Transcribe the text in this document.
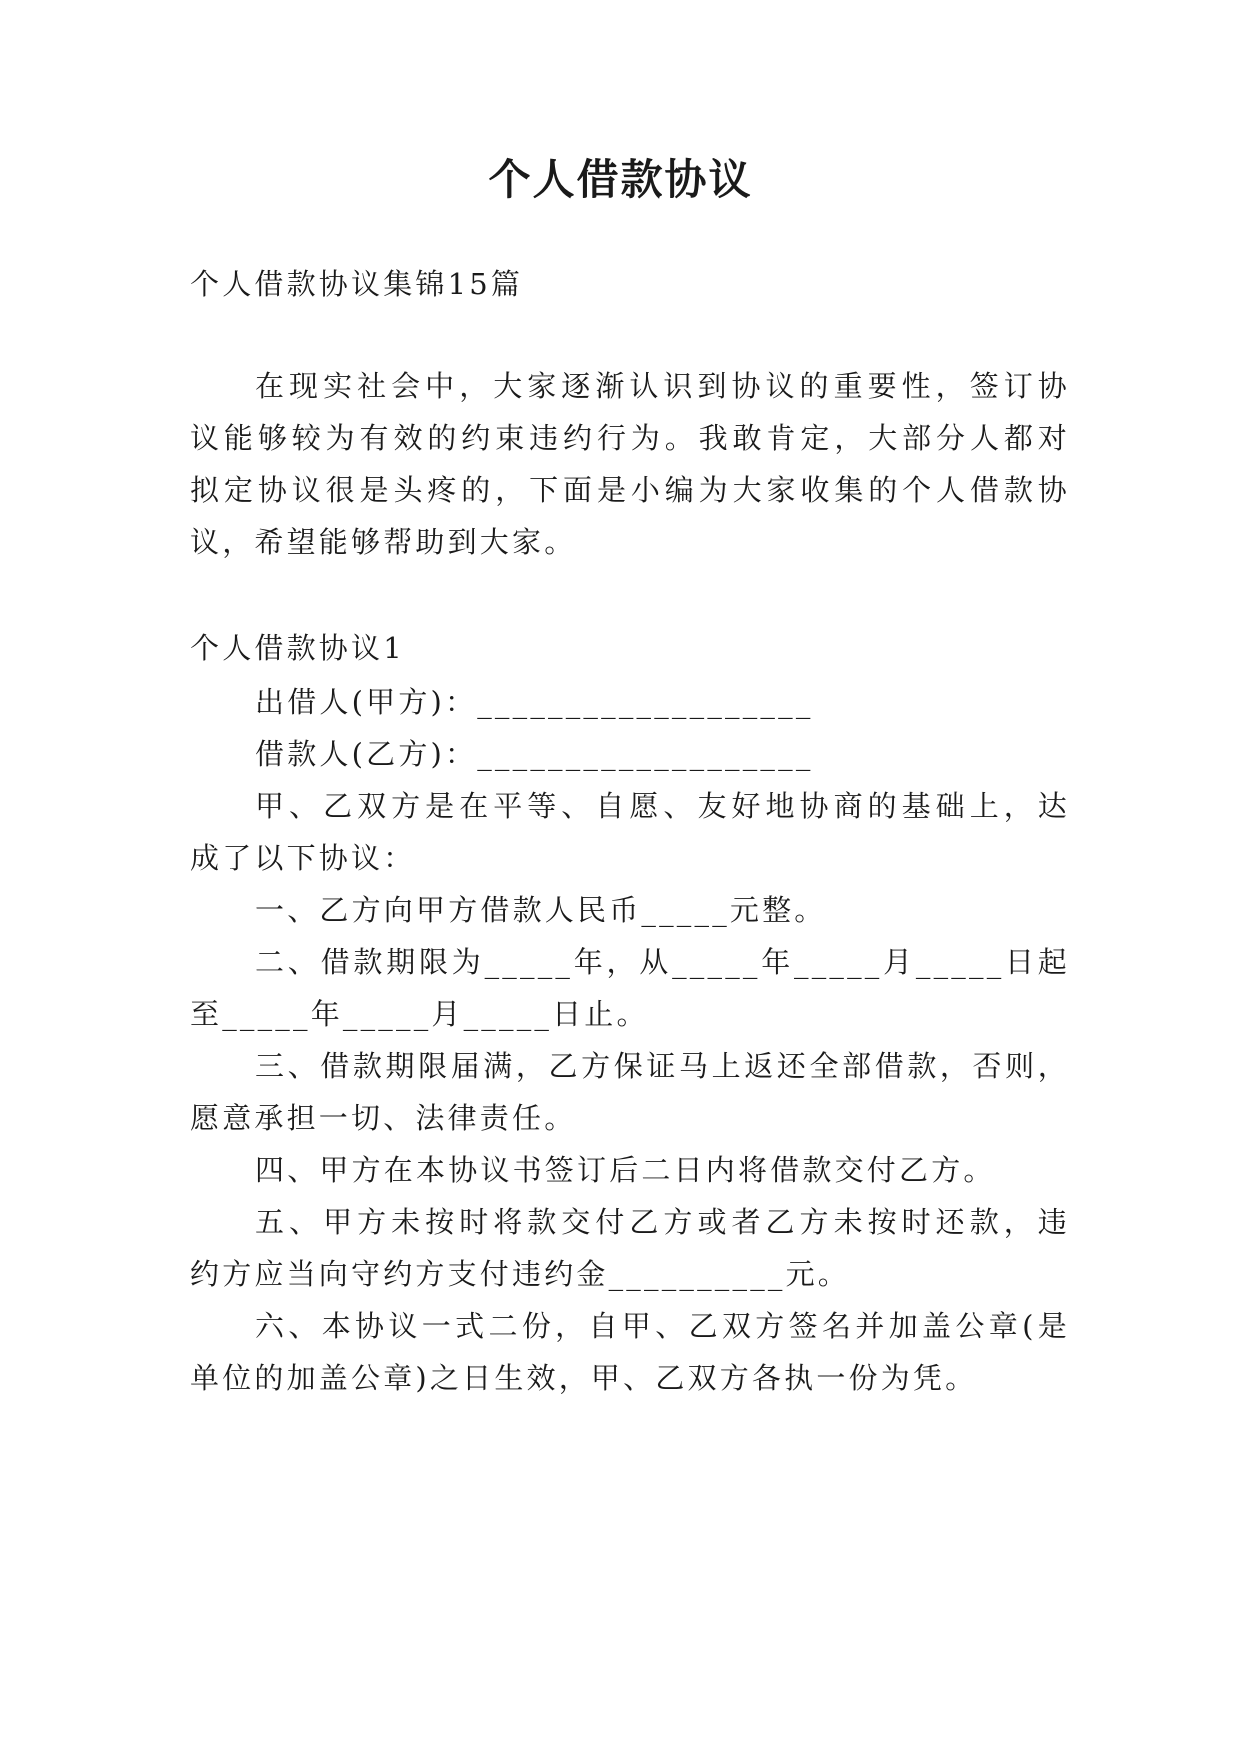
个人借款协议

个人借款协议集锦15篇

在现实社会中，大家逐渐认识到协议的重要性，签订协

议能够较为有效的约束违约行为。我敢肯定，大部分人都对

拟定协议很是头疼的，下面是小编为大家收集的个人借款协

议，希望能够帮助到大家。

个人借款协议1

出借人(甲方)：___________________

借款人(乙方)：___________________

甲、乙双方是在平等、自愿、友好地协商的基础上，达

成了以下协议：

一、乙方向甲方借款人民币_____元整。

二、借款期限为_____年，从_____年_____月_____日起

至_____年_____月_____日止。

三、借款期限届满，乙方保证马上返还全部借款，否则，

愿意承担一切、法律责任。

四、甲方在本协议书签订后二日内将借款交付乙方。

五、甲方未按时将款交付乙方或者乙方未按时还款，违

约方应当向守约方支付违约金__________元。

六、本协议一式二份，自甲、乙双方签名并加盖公章(是

单位的加盖公章)之日生效，甲、乙双方各执一份为凭。
